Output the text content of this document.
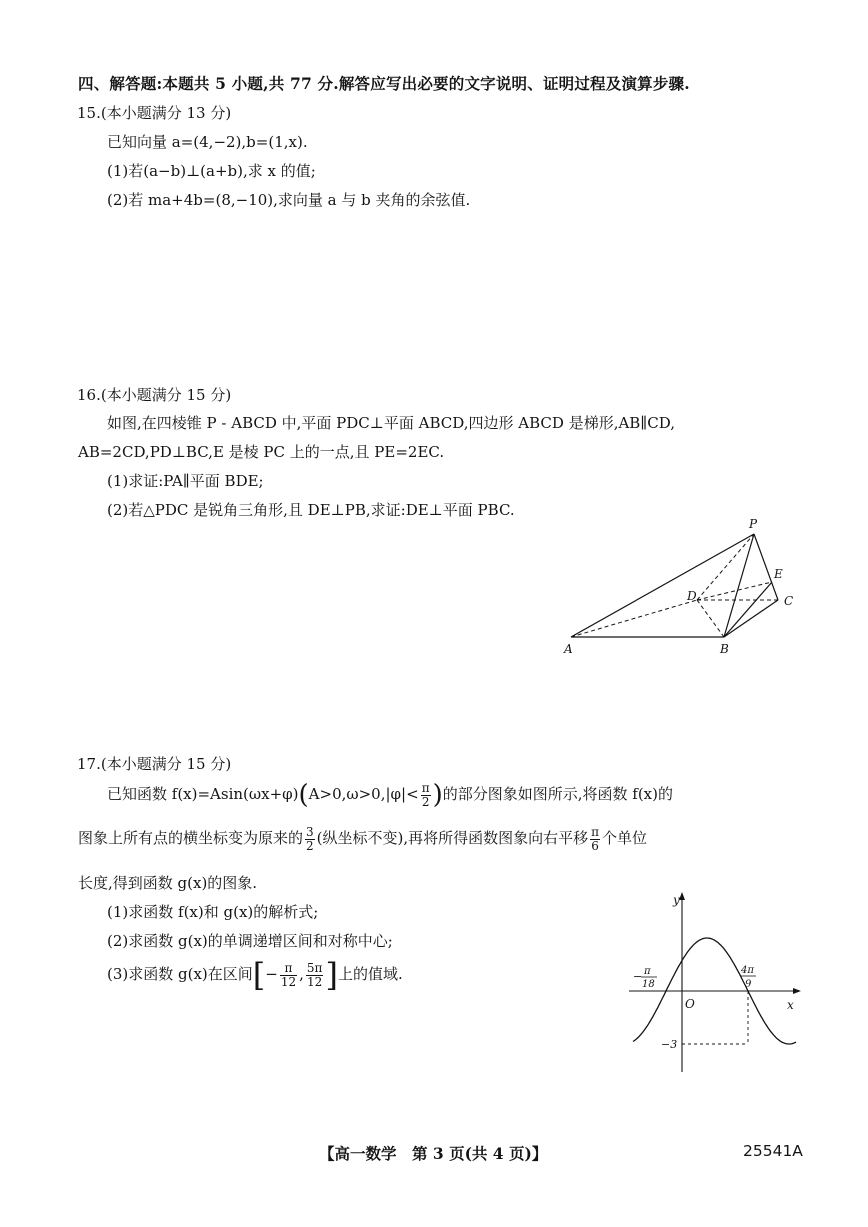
四、解答题:本题共 5 小题,共 77 分.解答应写出必要的文字说明、证明过程及演算步骤.
15.(本小题满分 13 分)
已知向量 a=(4,−2),b=(1,x).
(1)若(a−b)⊥(a+b),求 x 的值;
(2)若 ma+4b=(8,−10),求向量 a 与 b 夹角的余弦值.
16.(本小题满分 15 分)
如图,在四棱锥 P - ABCD 中,平面 PDC⊥平面 ABCD,四边形 ABCD 是梯形,AB∥CD,
AB=2CD,PD⊥BC,E 是棱 PC 上的一点,且 PE=2EC.
(1)求证:PA∥平面 BDE;
(2)若△PDC 是锐角三角形,且 DE⊥PB,求证:DE⊥平面 PBC.
P
E
D	C
A	B
17.(本小题满分 15 分)
已知函数 $f(x)=Asin(\omega x+\varphi)(A>0,\omega>0,|\varphi|< \frac{\pi}{2}$ )的部分图象如图所示,将函数 f(x)的
图象上所有点的横坐标变为原来的 $\frac{3}{2}$ (纵坐标不变),再将所得函数图象向右平移 $\frac{\pi}{6}$ 个单位
长度,得到函数 g(x)的图象.
(1)求函数 f(x)和 g(x)的解析式;
(2)求函数 g(x)的单调递增区间和对称中心;
(3)求函数 g(x)在区间[− $\frac{\pi}{12}$ , $\frac{5\pi}{12}$ ]上的值域.
y
x
O
− π
18
4π
9
−3
【高一数学　第 3 页(共 4 页)】	25541A
